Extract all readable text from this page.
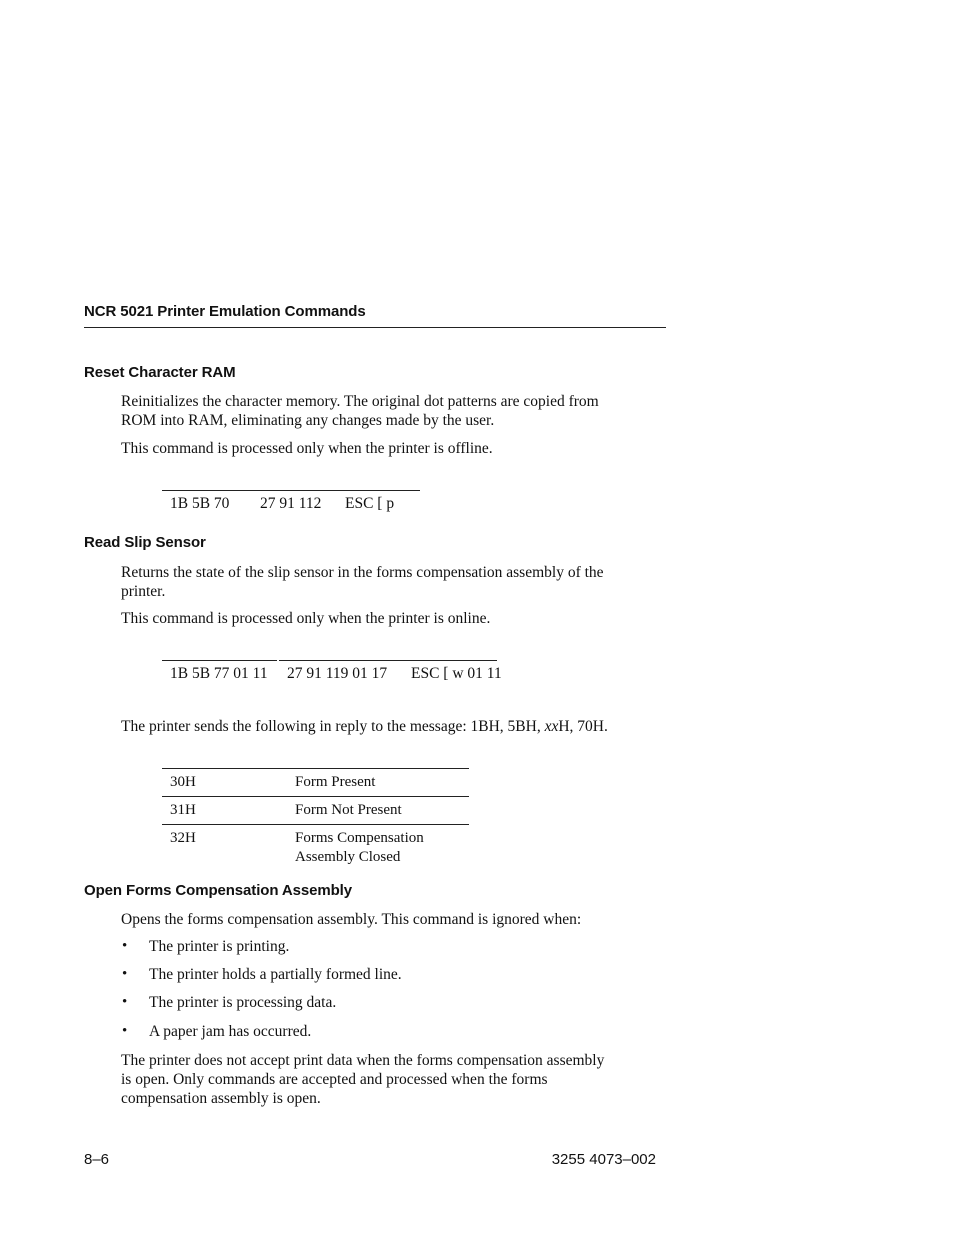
NCR 5021 Printer Emulation Commands
Reset Character RAM
Reinitializes the character memory. The original dot patterns are copied from
ROM into RAM, eliminating any changes made by the user.
This command is processed only when the printer is offline.
1B 5B 70 27 91 112 ESC [ p
Read Slip Sensor
Returns the state of the slip sensor in the forms compensation assembly of the
printer.
This command is processed only when the printer is online.
1B 5B 77 01 11 27 91 119 01 17 ESC [ w 01 11
The printer sends the following in reply to the message: 1BH, 5BH, xxH, 70H.
30H	Form Present

31H	Form Not Present

32H	Forms Compensation
Assembly Closed
Open Forms Compensation Assembly
Opens the forms compensation assembly. This command is ignored when:
• The printer is printing.
• The printer holds a partially formed line.
• The printer is processing data.
• A paper jam has occurred.
The printer does not accept print data when the forms compensation assembly
is open. Only commands are accepted and processed when the forms
compensation assembly is open.
8–6	3255 4073–002
